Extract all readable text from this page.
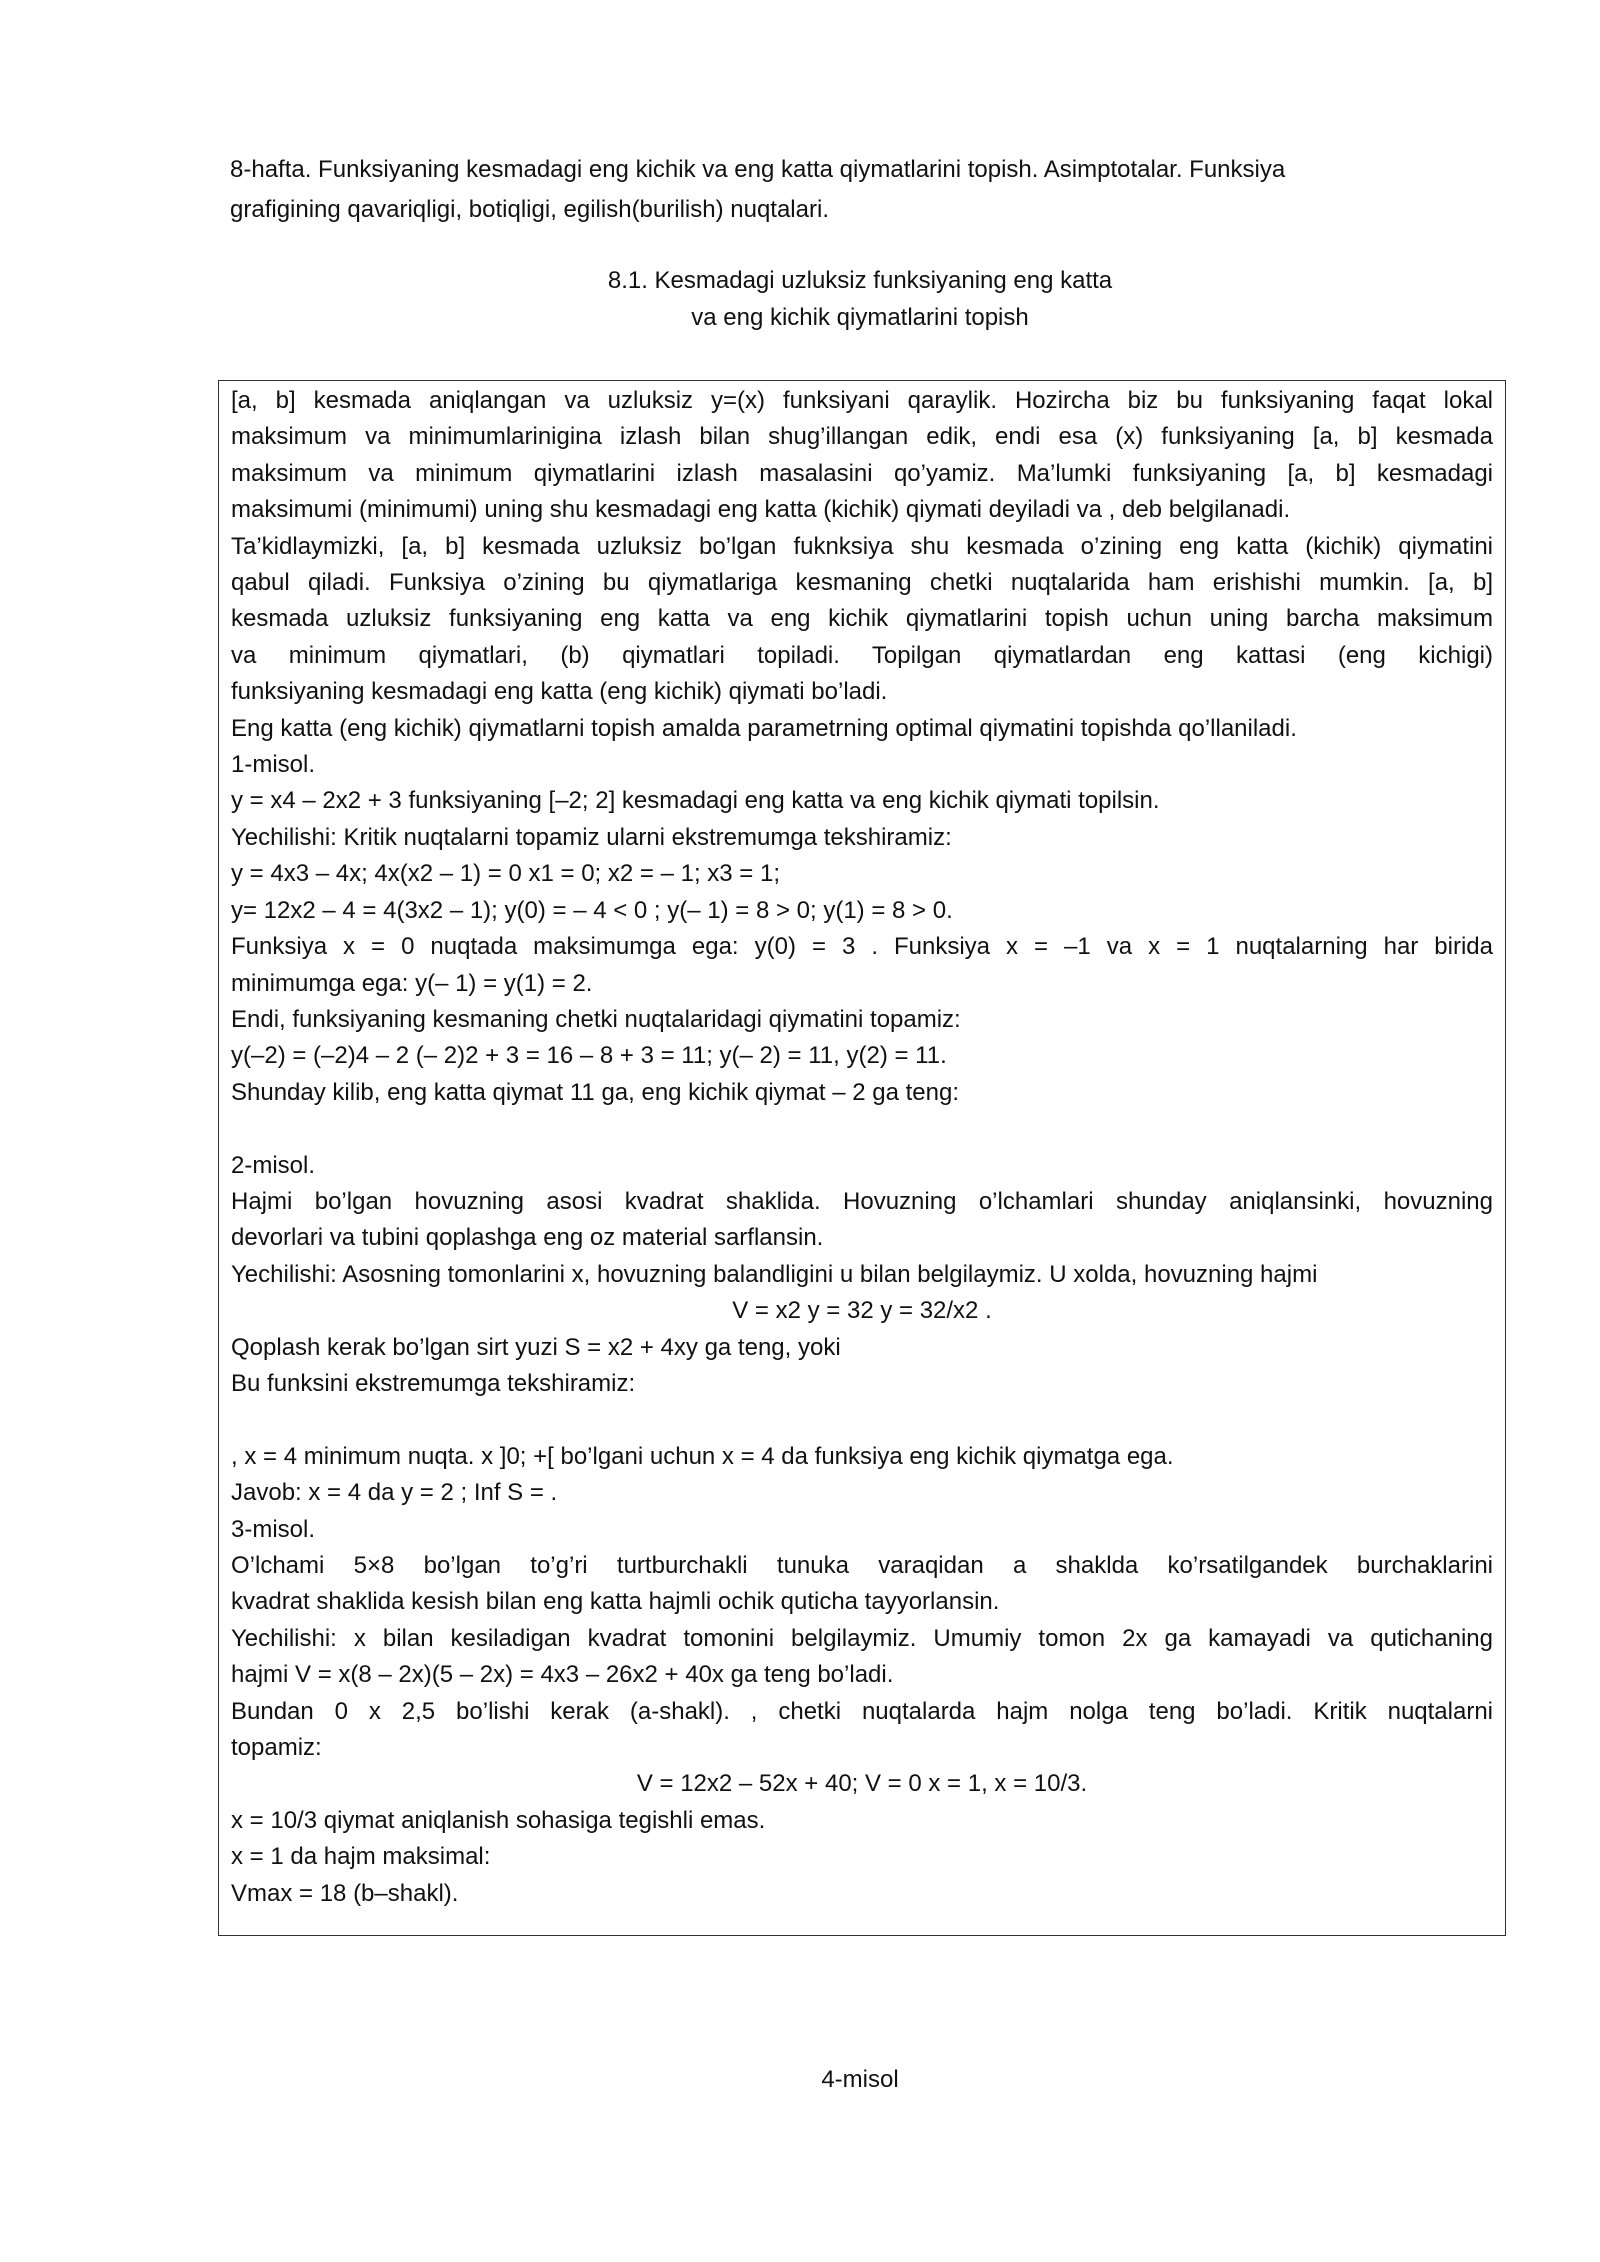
8-hafta. Funksiyaning kesmadagi eng kichik va eng katta qiymatlarini topish. Asimptotalar. Funksiya
grafigining qavariqligi, botiqligi, egilish(burilish) nuqtalari.
8.1. Kesmadagi uzluksiz funksiyaning eng katta
va eng kichik qiymatlarini topish
[a, b] kesmada aniqlangan va uzluksiz y=(x) funksiyani qaraylik. Hozircha biz bu funksiyaning faqat lokal
maksimum va minimumlarinigina izlash bilan shug’illangan edik, endi esa (x) funksiyaning [a, b] kesmada
maksimum va minimum qiymatlarini izlash masalasini qo’yamiz. Ma’lumki funksiyaning [a, b] kesmadagi
maksimumi (minimumi) uning shu kesmadagi eng katta (kichik) qiymati deyiladi va , deb belgilanadi.
Ta’kidlaymizki, [a, b] kesmada uzluksiz bo’lgan fuknksiya shu kesmada o’zining eng katta (kichik) qiymatini
qabul qiladi. Funksiya o’zining bu qiymatlariga kesmaning chetki nuqtalarida ham erishishi mumkin. [a, b]
kesmada uzluksiz funksiyaning eng katta va eng kichik qiymatlarini topish uchun uning barcha maksimum
va minimum qiymatlari, (b) qiymatlari topiladi. Topilgan qiymatlardan eng kattasi (eng kichigi)
funksiyaning kesmadagi eng katta (eng kichik) qiymati bo’ladi.
Eng katta (eng kichik) qiymatlarni topish amalda parametrning optimal qiymatini topishda qo’llaniladi.
1-misol.
y = x4 – 2x2 + 3 funksiyaning [–2; 2] kesmadagi eng katta va eng kichik qiymati topilsin.
Yechilishi: Kritik nuqtalarni topamiz ularni ekstremumga tekshiramiz:
y = 4x3 – 4x; 4x(x2 – 1) = 0 x1 = 0; x2 = – 1; x3 = 1;
y= 12x2 – 4 = 4(3x2 – 1); y(0) = – 4 < 0 ; y(– 1) = 8 > 0; y(1) = 8 > 0.
Funksiya x = 0 nuqtada maksimumga ega: y(0) = 3 . Funksiya x = –1 va x = 1 nuqtalarning har birida
minimumga ega: y(– 1) = y(1) = 2.
Endi, funksiyaning kesmaning chetki nuqtalaridagi qiymatini topamiz:
y(–2) = (–2)4 – 2 (– 2)2 + 3 = 16 – 8 + 3 = 11; y(– 2) = 11, y(2) = 11.
Shunday kilib, eng katta qiymat 11 ga, eng kichik qiymat – 2 ga teng:
2-misol.
Hajmi bo’lgan hovuzning asosi kvadrat shaklida. Hovuzning o’lchamlari shunday aniqlansinki, hovuzning
devorlari va tubini qoplashga eng oz material sarflansin.
Yechilishi: Asosning tomonlarini x, hovuzning balandligini u bilan belgilaymiz. U xolda, hovuzning hajmi
V = x2 y = 32 y = 32/x2 .
Qoplash kerak bo’lgan sirt yuzi S = x2 + 4xy ga teng, yoki
Bu funksini ekstremumga tekshiramiz:
, x = 4 minimum nuqta. x ]0; +[ bo’lgani uchun x = 4 da funksiya eng kichik qiymatga ega.
Javob: x = 4 da y = 2 ; Inf S = .
3-misol.
O’lchami 5×8 bo’lgan to’g’ri turtburchakli tunuka varaqidan a shaklda ko’rsatilgandek burchaklarini
kvadrat shaklida kesish bilan eng katta hajmli ochik quticha tayyorlansin.
Yechilishi: x bilan kesiladigan kvadrat tomonini belgilaymiz. Umumiy tomon 2x ga kamayadi va qutichaning
hajmi V = x(8 – 2x)(5 – 2x) = 4x3 – 26x2 + 40x ga teng bo’ladi.
Bundan 0 x 2,5 bo’lishi kerak (a-shakl). , chetki nuqtalarda hajm nolga teng bo’ladi. Kritik nuqtalarni
topamiz:
V = 12x2 – 52x + 40; V = 0 x = 1, x = 10/3.
x = 10/3 qiymat aniqlanish sohasiga tegishli emas.
x = 1 da hajm maksimal:
Vmax = 18 (b–shakl).
4-misol
